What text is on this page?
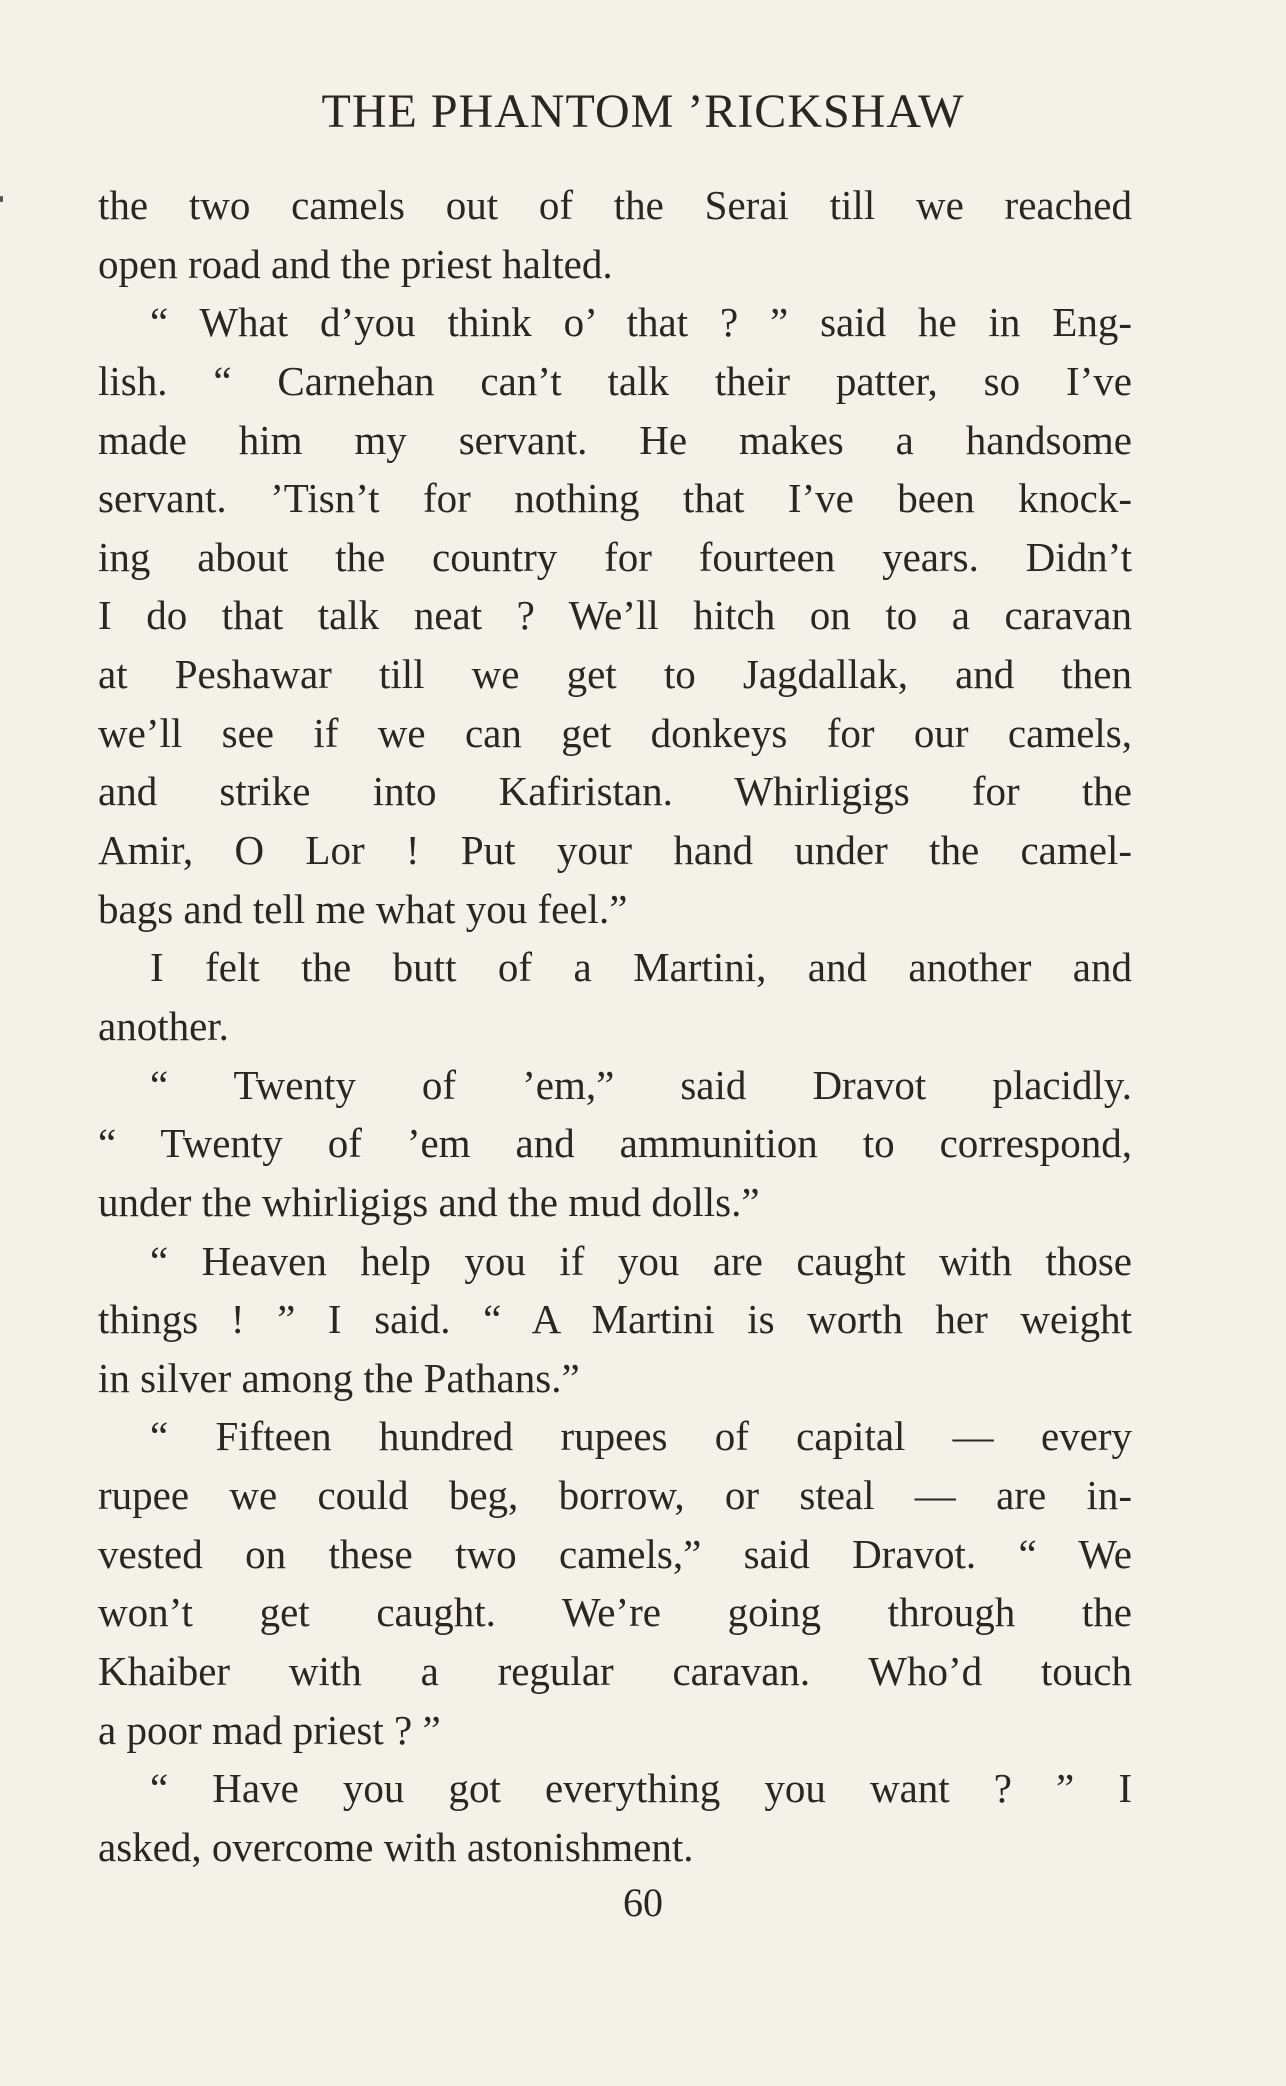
THE PHANTOM ’RICKSHAW
the two camels out of the Serai till we reached
open road and the priest halted.
“ What d’you think o’ that ? ” said he in Eng-
lish. “ Carnehan can’t talk their patter, so I’ve
made him my servant. He makes a handsome
servant. ’Tisn’t for nothing that I’ve been knock-
ing about the country for fourteen years. Didn’t
I do that talk neat ? We’ll hitch on to a caravan
at Peshawar till we get to Jagdallak, and then
we’ll see if we can get donkeys for our camels,
and strike into Kafiristan. Whirligigs for the
Amir, O Lor ! Put your hand under the camel-
bags and tell me what you feel.”
I felt the butt of a Martini, and another and
another.
“ Twenty of ’em,” said Dravot placidly.
“ Twenty of ’em and ammunition to correspond,
under the whirligigs and the mud dolls.”
“ Heaven help you if you are caught with those
things ! ” I said. “ A Martini is worth her weight
in silver among the Pathans.”
“ Fifteen hundred rupees of capital — every
rupee we could beg, borrow, or steal — are in-
vested on these two camels,” said Dravot. “ We
won’t get caught. We’re going through the
Khaiber with a regular caravan. Who’d touch
a poor mad priest ? ”
“ Have you got everything you want ? ” I
asked, overcome with astonishment.
60
